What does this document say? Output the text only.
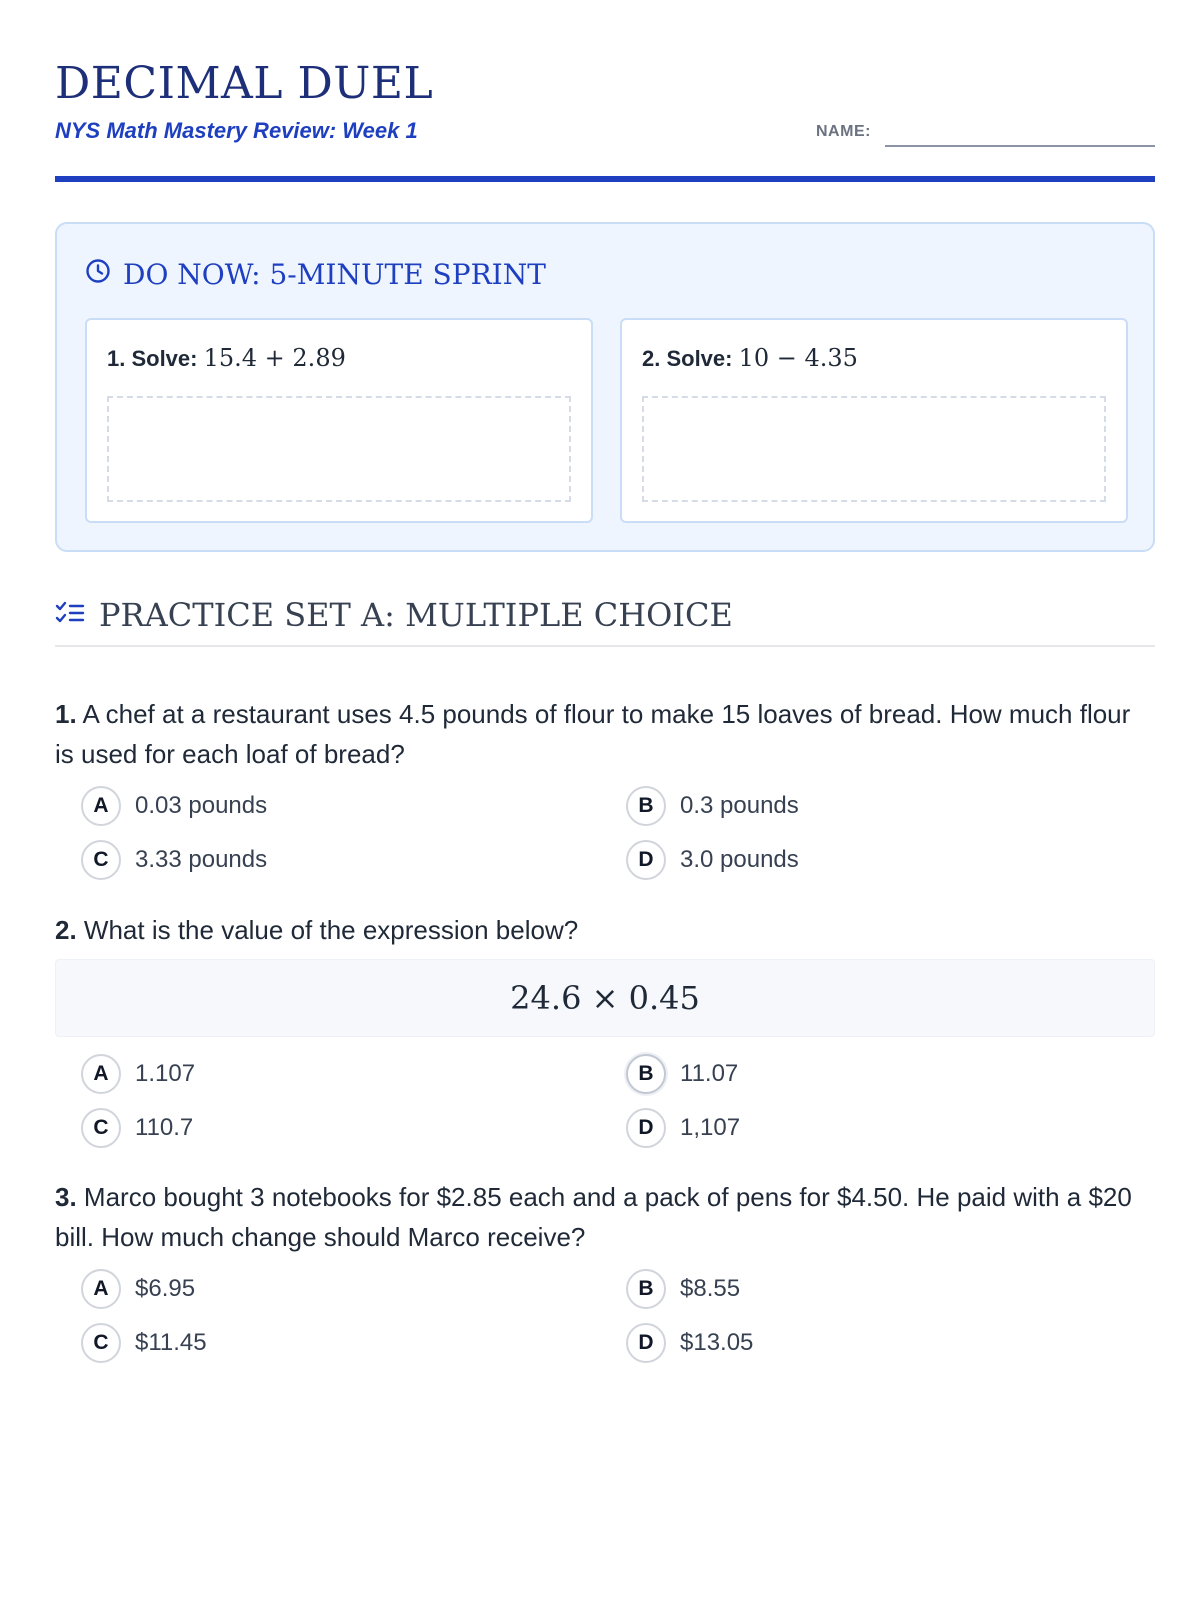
DECIMAL DUEL
NYS Math Mastery Review: Week 1	NAME:
DO NOW: 5-MINUTE SPRINT
1. Solve: 15.4 + 2.89	2. Solve: 10 − 4.35
PRACTICE SET A: MULTIPLE CHOICE
1. A chef at a restaurant uses 4.5 pounds of flour to make 15 loaves of bread. How much flour is used for each loaf of bread?
A	0.03 pounds	B	0.3 pounds
C	3.33 pounds	D	3.0 pounds
2. What is the value of the expression below?
24.6 × 0.45
A	1.107	B	11.07
C	110.7	D	1,107
3. Marco bought 3 notebooks for $2.85 each and a pack of pens for $4.50. He paid with a $20 bill. How much change should Marco receive?
A	$6.95	B	$8.55
C	$11.45	D	$13.05
